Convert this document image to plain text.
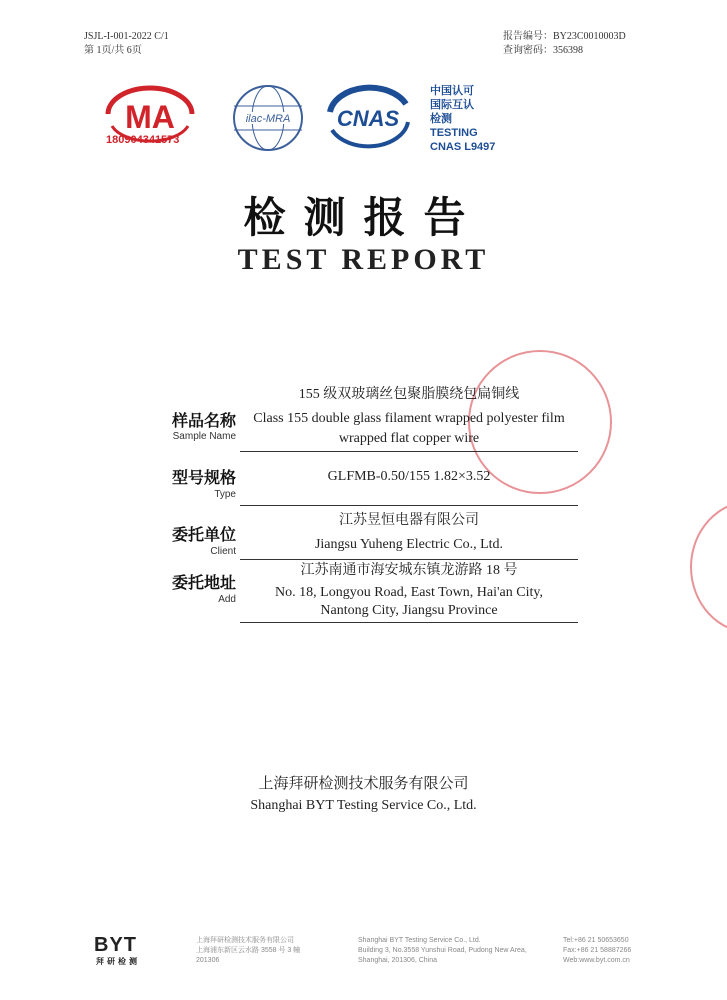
JSJL-I-001-2022 C/1
第 1页/共 6页
报告编号：BY23C0010003D
查询密码：356398
MA
180904341573
ilac-MRA CNAS
中国认可
国际互认
检测
TESTING
CNAS L9497
检测报告
TEST REPORT
样品名称
Sample Name
155 级双玻璃丝包聚脂膜绕包扁铜线
Class 155 double glass filament wrapped polyester film
wrapped flat copper wire
型号规格
Type
GLFMB-0.50/155 1.82×3.52
委托单位
Client
江苏昱恒电器有限公司
Jiangsu Yuheng Electric Co., Ltd.
委托地址
Add
江苏南通市海安城东镇龙游路 18 号
No. 18, Longyou Road, East Town, Hai'an City,
Nantong City, Jiangsu Province
上海拜研检测技术服务有限公司
Shanghai BYT Testing Service Co., Ltd.
BYT
拜研检测
上海拜研检测技术服务有限公司
上海浦东新区云水路 3558 号 3 幢
201306
Shanghai BYT Testing Service Co., Ltd.
Building 3, No.3558 Yunshui Road, Pudong New Area,
Shanghai, 201306, China
Tel:+86 21 50653650
Fax:+86 21 58887266
Web:www.byt.com.cn
